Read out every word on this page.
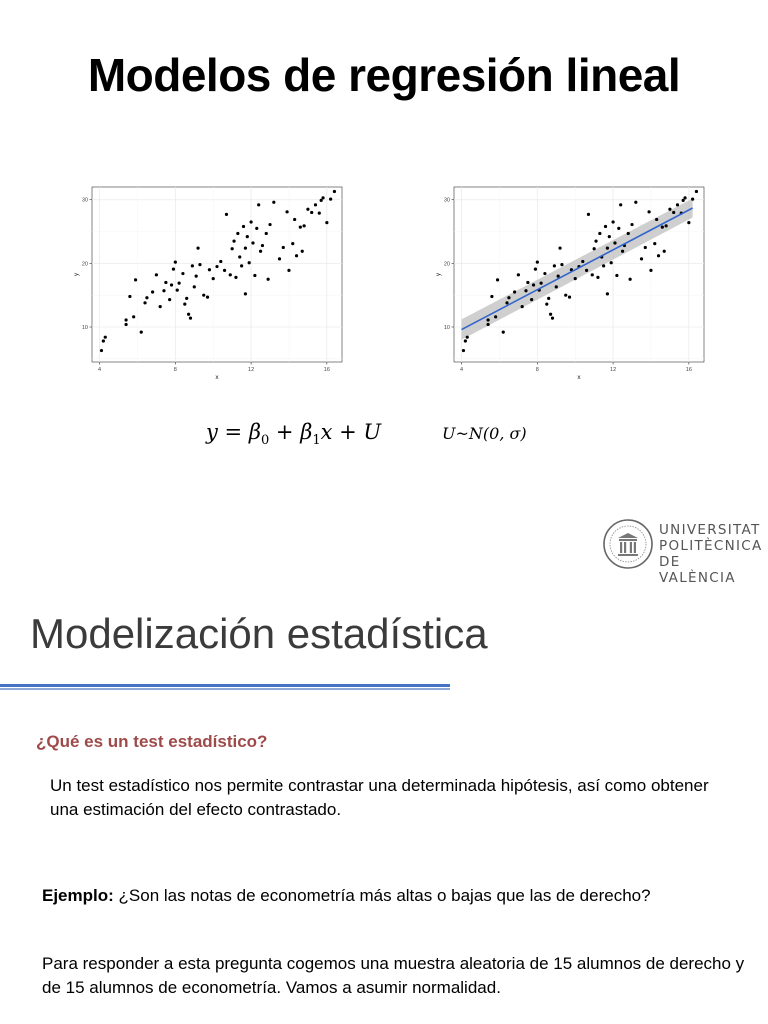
Modelos de regresión lineal
4	8	12	16
10
20
30
x
y
4	8	12	16
10
20
30
x
y
$y = \beta_0 + \beta_1x + U$	U~N(0, σ)
UNIVERSITAT
POLITÈCNICA
DE VALÈNCIA
Modelización estadística
¿Qué es un test estadístico?
Un test estadístico nos permite contrastar una determinada hipótesis, así como obtener una estimación del efecto contrastado.
Ejemplo: ¿Son las notas de econometría más altas o bajas que las de derecho?
Para responder a esta pregunta cogemos una muestra aleatoria de 15 alumnos de derecho y de 15 alumnos de econometría. Vamos a asumir normalidad.
